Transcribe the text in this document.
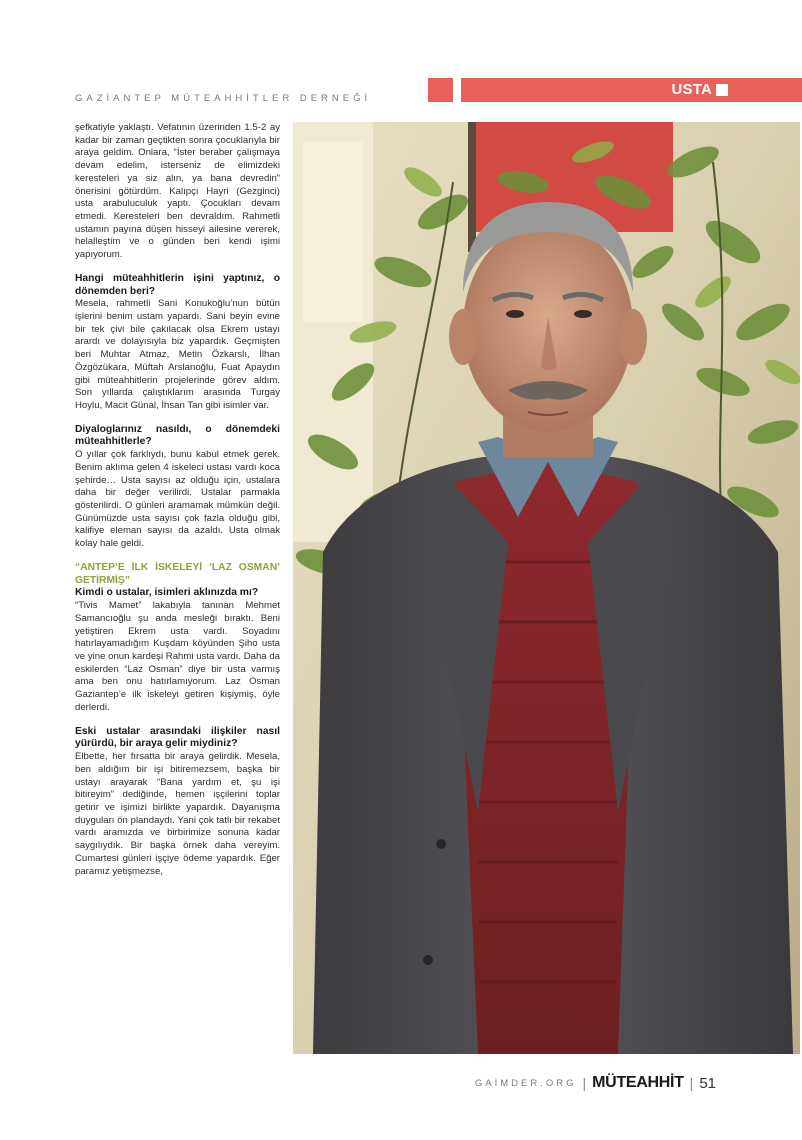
GAZİANTEP MÜTEAHHİTLER DERNEĞİ
USTA

şefkatiyle yaklaştı. Vefatının üzerinden 1.5-2 ay kadar bir zaman geçtikten sonra çocuklarıyla bir araya geldim. Onlara, “İster beraber çalışmaya devam edelim, isterseniz de elimizdeki keresteleri ya siz alın, ya bana devredin” önerisini götürdüm. Kalıpçı Hayri (Gezginci) usta arabuluculuk yaptı. Çocukları devam etmedi. Keresteleri ben devraldım. Rahmetli ustamın payına düşen hisseyi ailesine vererek, helalleştim ve o günden beri kendi işimi yapıyorum.

Hangi müteahhitlerin işini yaptınız, o dönemden beri?

Mesela, rahmetli Sani Konukoğlu’nun bütün işlerini benim ustam yapardı. Sani beyin evine bir tek çivi bile çakılacak olsa Ekrem ustayı arardı ve dolayısıyla biz yapardık. Geçmişten beri Muhtar Atmaz, Metin Özkarslı, İlhan Özgözükara, Müftah Arslanoğlu, Fuat Apaydın gibi müteahhitlerin projelerinde görev aldım. Son yıllarda çalıştıklarım arasında Turgay Hoylu, Macit Günal, İhsan Tan gibi isimler var.

Diyaloglarınız nasıldı, o dönemdeki müteahhitlerle?

O yıllar çok farklıydı, bunu kabul etmek gerek. Benim aklıma gelen 4 iskeleci ustası vardı koca şehirde… Usta sayısı az olduğu için, ustalara daha bir değer verilirdi. Ustalar parmakla gösterilirdi. O günleri aramamak mümkün değil. Günümüzde usta sayısı çok fazla olduğu gibi, kalifiye eleman sayısı da azaldı. Usta olmak kolay hale geldi.

“ANTEP’E İLK İSKELEYİ ‘LAZ OSMAN’ GETİRMİŞ”

Kimdi o ustalar, isimleri aklınızda mı?

“Tivis Mamet” lakabıyla tanınan Mehmet Samancıoğlu şu anda mesleği bıraktı. Beni yetiştiren Ekrem usta vardı. Soyadını hatırlayamadığım Kuşdam köyünden Şiho usta ve yine onun kardeşi Rahmi usta vardı. Daha da eskilerden “Laz Osman” diye bir usta varmış ama ben onu hatırlamıyorum. Laz Osman Gaziantep’e ilk iskeleyi getiren kişiymiş, öyle derlerdi.

Eski ustalar arasındaki ilişkiler nasıl yürürdü, bir araya gelir miydiniz?

Elbette, her fırsatta bir araya gelirdik. Mesela, ben aldığım bir işi bitiremezsem, başka bir ustayı arayarak “Bana yardım et, şu işi bitireyim” dediğinde, hemen işçilerini toplar getirir ve işimizi birlikte yapardık. Dayanışma duyguları ön plandaydı. Yani çok tatlı bir rekabet vardı aramızda ve birbirimize sonuna kadar saygılıydık. Bir başka örnek daha vereyim. Cumartesi günleri işçiye ödeme yapardık. Eğer paramız yetişmezse,

GAİMDER.ORG | MÜTEAHHİT | 51
